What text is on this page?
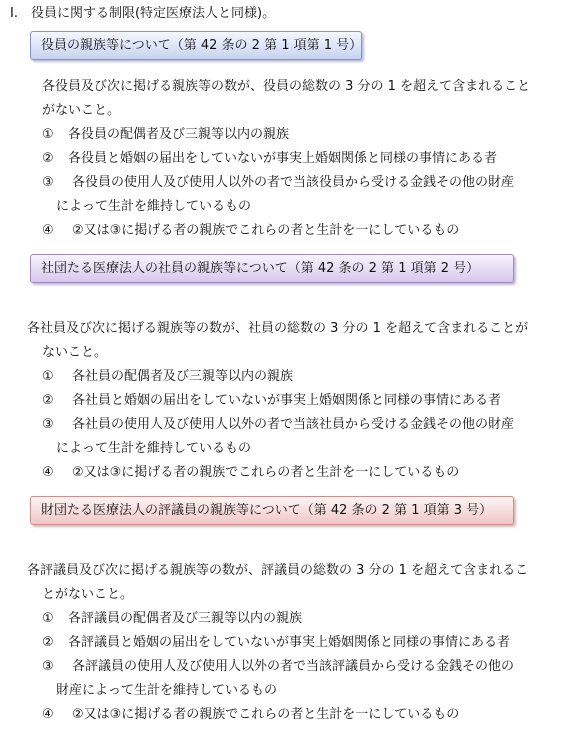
I.　役員に関する制限(特定医療法人と同様)。
役員の親族等について（第 42 条の 2 第 1 項第 1 号）
各役員及び次に掲げる親族等の数が、役員の総数の 3 分の 1 を超えて含まれること
がないこと。
① 各役員の配偶者及び三親等以内の親族
② 各役員と婚姻の届出をしていないが事実上婚姻関係と同様の事情にある者
③ 各役員の使用人及び使用人以外の者で当該役員から受ける金銭その他の財産
によって生計を維持しているもの
④ ②又は③に掲げる者の親族でこれらの者と生計を一にしているもの
社団たる医療法人の社員の親族等について（第 42 条の 2 第 1 項第 2 号）
各社員及び次に掲げる親族等の数が、社員の総数の 3 分の 1 を超えて含まれることが
ないこと。
① 各社員の配偶者及び三親等以内の親族
② 各社員と婚姻の届出をしていないが事実上婚姻関係と同様の事情にある者
③ 各社員の使用人及び使用人以外の者で当該社員から受ける金銭その他の財産
によって生計を維持しているもの
④ ②又は③に掲げる者の親族でこれらの者と生計を一にしているもの
財団たる医療法人の評議員の親族等について（第 42 条の 2 第 1 項第 3 号）
各評議員及び次に掲げる親族等の数が、評議員の総数の 3 分の 1 を超えて含まれるこ
とがないこと。
① 各評議員の配偶者及び三親等以内の親族
② 各評議員と婚姻の届出をしていないが事実上婚姻関係と同様の事情にある者
③ 各評議員の使用人及び使用人以外の者で当該評議員から受ける金銭その他の
財産によって生計を維持しているもの
④ ②又は③に掲げる者の親族でこれらの者と生計を一にしているもの
